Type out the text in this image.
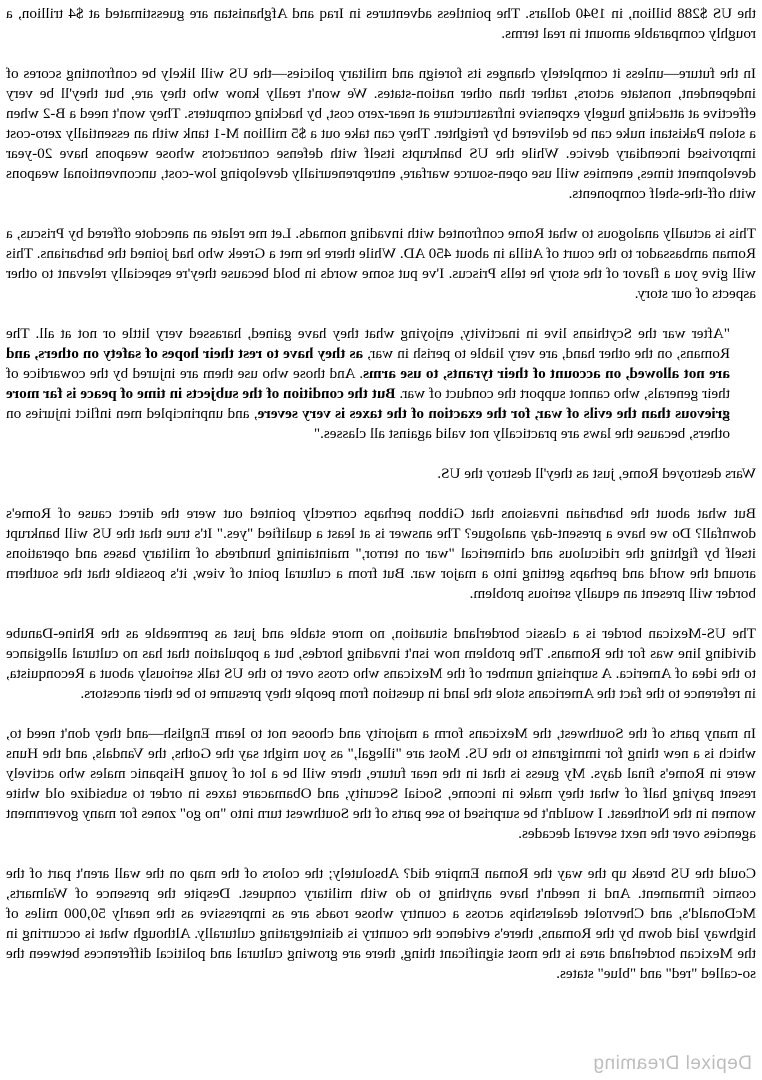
the US $288 billion, in 1940 dollars. The pointless adventures in Iraq and Afghanistan are guesstimated at $4 trillion, a roughly comparable amount in real terms.

In the future—unless it completely changes its foreign and military policies—the US will likely be confronting scores of independent, nonstate actors, rather than other nation-states. We won't really know who they are, but they'll be very effective at attacking hugely expensive infrastructure at near-zero cost, by hacking computers. They won't need a B-2 when a stolen Pakistani nuke can be delivered by freighter. They can take out a $5 million M-1 tank with an essentially zero-cost improvised incendiary device. While the US bankrupts itself with defense contractors whose weapons have 20-year development times, enemies will use open-source warfare, entrepreneurially developing low-cost, unconventional weapons with off-the-shelf components.

This is actually analogous to what Rome confronted with invading nomads. Let me relate an anecdote offered by Priscus, a Roman ambassador to the court of Atilla in about 450 AD. While there he met a Greek who had joined the barbarians. This will give you a flavor of the story he tells Priscus. I've put some words in bold because they're especially relevant to other aspects of our story.

"After war the Scythians live in inactivity, enjoying what they have gained, harassed very little or not at all. The Romans, on the other hand, are very liable to perish in war, as they have to rest their hopes of safety on others, and are not allowed, on account of their tyrants, to use arms. And those who use them are injured by the cowardice of their generals, who cannot support the conduct of war. But the condition of the subjects in time of peace is far more grievous than the evils of war, for the exaction of the taxes is very severe, and unprincipled men inflict injuries on others, because the laws are practically not valid against all classes."

Wars destroyed Rome, just as they'll destroy the US.

But what about the barbarian invasions that Gibbon perhaps correctly pointed out were the direct cause of Rome's downfall? Do we have a present-day analogue? The answer is at least a qualified "yes." It's true that the US will bankrupt itself by fighting the ridiculous and chimerical "war on terror," maintaining hundreds of military bases and operations around the world and perhaps getting into a major war. But from a cultural point of view, it's possible that the southern border will present an equally serious problem.

The US-Mexican border is a classic borderland situation, no more stable and just as permeable as the Rhine-Danube dividing line was for the Romans. The problem now isn't invading hordes, but a population that has no cultural allegiance to the idea of America. A surprising number of the Mexicans who cross over to the US talk seriously about a Reconquista, in reference to the fact the Americans stole the land in question from people they presume to be their ancestors.

In many parts of the Southwest, the Mexicans form a majority and choose not to learn English—and they don't need to, which is a new thing for immigrants to the US. Most are "illegal," as you might say the Goths, the Vandals, and the Huns were in Rome's final days. My guess is that in the near future, there will be a lot of young Hispanic males who actively resent paying half of what they make in income, Social Security, and Obamacare taxes in order to subsidize old white women in the Northeast. I wouldn't be surprised to see parts of the Southwest turn into "no go" zones for many government agencies over the next several decades.

Could the US break up the way the Roman Empire did? Absolutely; the colors of the map on the wall aren't part of the cosmic firmament. And it needn't have anything to do with military conquest. Despite the presence of Walmarts, McDonald's, and Chevrolet dealerships across a country whose roads are as impressive as the nearly 50,000 miles of highway laid down by the Romans, there's evidence the country is disintegrating culturally. Although what is occurring in the Mexican borderland area is the most significant thing, there are growing cultural and political differences between the so-called "red" and "blue" states.

Depixel Dreaming
